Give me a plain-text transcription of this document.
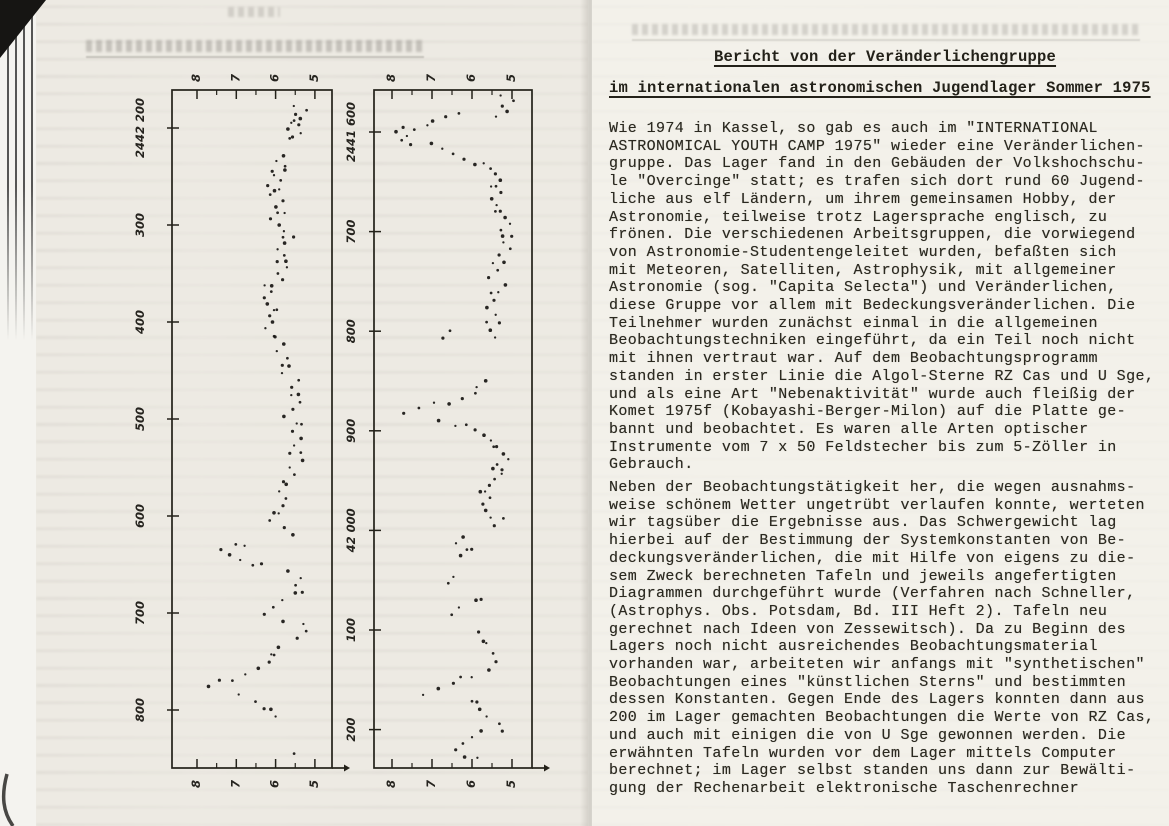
Bericht von der Veränderlichengruppe
im internationalen astronomischen Jugendlager Sommer 1975
Wie 1974 in Kassel, so gab es auch im "INTERNATIONAL
ASTRONOMICAL YOUTH CAMP 1975" wieder eine Veränderlichen-
gruppe. Das Lager fand in den Gebäuden der Volkshochschu-
le "Overcinge" statt; es trafen sich dort rund 60 Jugend-
liche aus elf Ländern, um ihrem gemeinsamen Hobby, der
Astronomie, teilweise trotz Lagersprache englisch, zu
frönen. Die verschiedenen Arbeitsgruppen, die vorwiegend
von Astronomie-Studentengeleitet wurden, befaßten sich
mit Meteoren, Satelliten, Astrophysik, mit allgemeiner
Astronomie (sog. "Capita Selecta") und Veränderlichen,
diese Gruppe vor allem mit Bedeckungsveränderlichen. Die
Teilnehmer wurden zunächst einmal in die allgemeinen
Beobachtungstechniken eingeführt, da ein Teil noch nicht
mit ihnen vertraut war. Auf dem Beobachtungsprogramm
standen in erster Linie die Algol-Sterne RZ Cas und U Sge,
und als eine Art "Nebenaktivität" wurde auch fleißig der
Komet 1975f (Kobayashi-Berger-Milon) auf die Platte ge-
bannt und beobachtet. Es waren alle Arten optischer
Instrumente vom 7 x 50 Feldstecher bis zum 5-Zöller in
Gebrauch.
Neben der Beobachtungstätigkeit her, die wegen ausnahms-
weise schönem Wetter ungetrübt verlaufen konnte, werteten
wir tagsüber die Ergebnisse aus. Das Schwergewicht lag
hierbei auf der Bestimmung der Systemkonstanten von Be-
deckungsveränderlichen, die mit Hilfe von eigens zu die-
sem Zweck berechneten Tafeln und jeweils angefertigten
Diagrammen durchgeführt wurde (Verfahren nach Schneller,
(Astrophys. Obs. Potsdam, Bd. III Heft 2). Tafeln neu
gerechnet nach Ideen von Zessewitsch). Da zu Beginn des
Lagers noch nicht ausreichendes Beobachtungsmaterial
vorhanden war, arbeiteten wir anfangs mit "synthetischen"
Beobachtungen eines "künstlichen Sterns" und bestimmten
dessen Konstanten. Gegen Ende des Lagers konnten dann aus
200 im Lager gemachten Beobachtungen die Werte von RZ Cas,
und auch mit einigen die von U Sge gewonnen werden. Die
erwähnten Tafeln wurden vor dem Lager mittels Computer
berechnet; im Lager selbst standen uns dann zur Bewälti-
gung der Rechenarbeit elektronische Taschenrechner
2442 200
300
400
500
600
700
800
8
8
7
7
6
6
5
5
2441 600
700
800
900
42 000
100
200
8
8
7
7
6
6
5
5
